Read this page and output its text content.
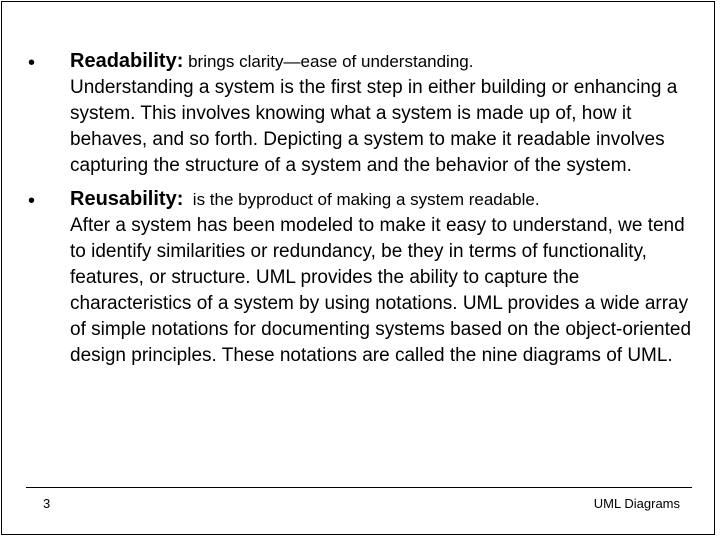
• Readability: brings clarity—ease of understanding.
Understanding a system is the first step in either building or enhancing a system. This involves knowing what a system is made up of, how it behaves, and so forth. Depicting a system to make it readable involves capturing the structure of a system and the behavior of the system.
• Reusability:  is the byproduct of making a system readable.
After a system has been modeled to make it easy to understand, we tend to identify similarities or redundancy, be they in terms of functionality, features, or structure. UML provides the ability to capture the characteristics of a system by using notations. UML provides a wide array of simple notations for documenting systems based on the object-oriented design principles. These notations are called the nine diagrams of UML.
3	UML Diagrams
